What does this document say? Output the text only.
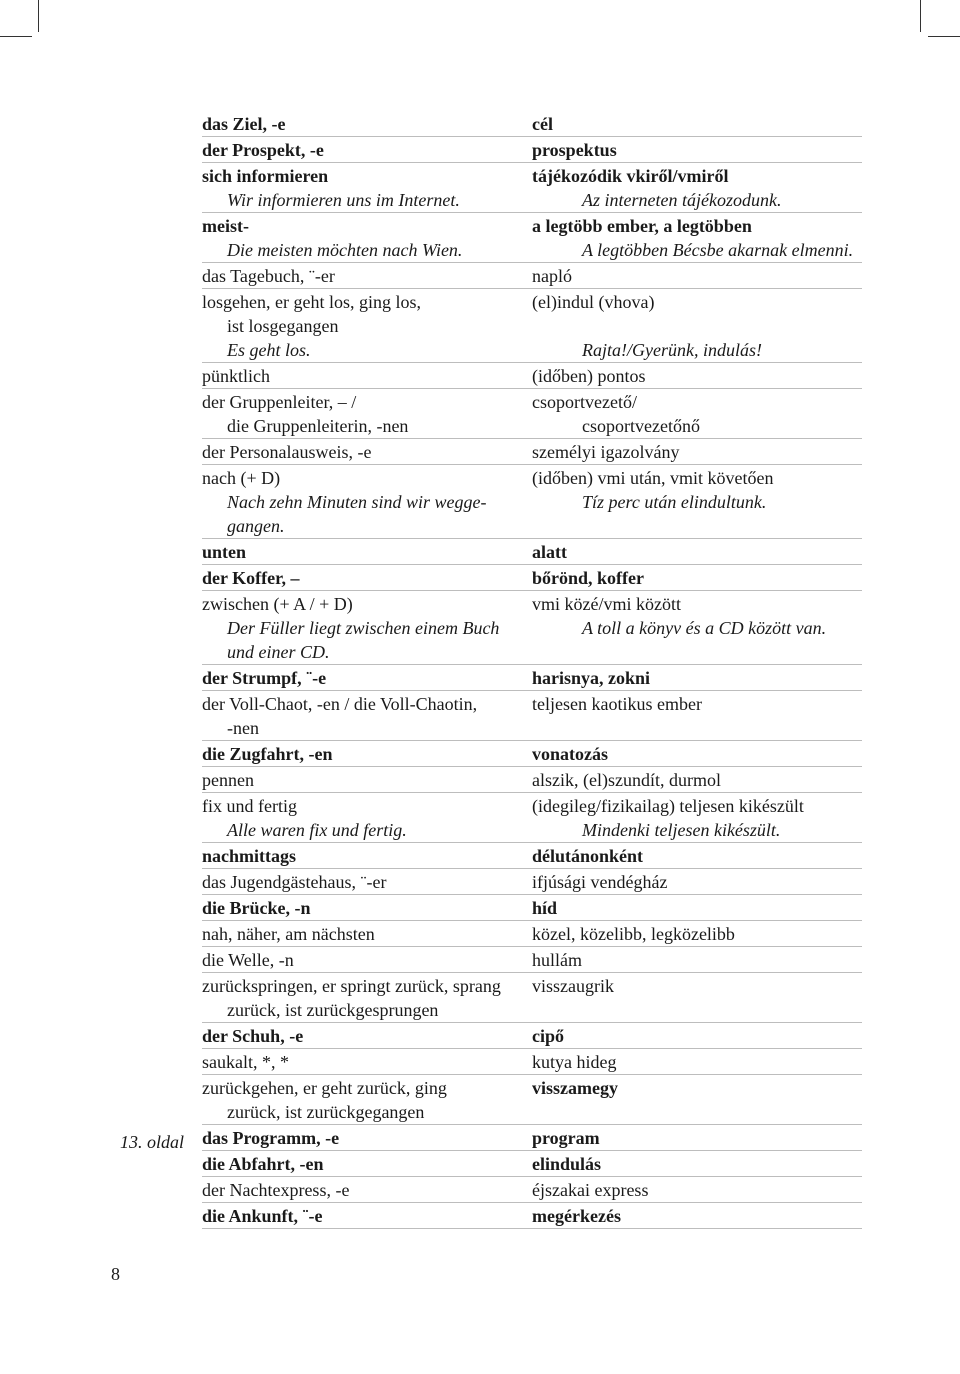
das Ziel, -e	cél
der Prospekt, -e	prospektus
sich informieren	tájékozódik vkiről/vmiről
Wir informieren uns im Internet.	Az interneten tájékozodunk.
meist-	a legtöbb ember, a legtöbben
Die meisten möchten nach Wien.	A legtöbben Bécsbe akarnak elmenni.
das Tagebuch, ¨-er	napló
losgehen, er geht los, ging los,	(el)indul (vhova)
ist losgegangen
Es geht los.	Rajta!/Gyerünk, indulás!
pünktlich	(időben) pontos
der Gruppenleiter, – /	csoportvezető/
die Gruppenleiterin, -nen	csoportvezetőnő
der Personalausweis, -e	személyi igazolvány
nach (+ D)	(időben) vmi után, vmit követően
Nach zehn Minuten sind wir wegge-	Tíz perc után elindultunk.
gangen.
unten	alatt
der Koffer, –	bőrönd, koffer
zwischen (+ A / + D)	vmi közé/vmi között
Der Füller liegt zwischen einem Buch	A toll a könyv és a CD között van.
und einer CD.
der Strumpf, ¨-e	harisnya, zokni
der Voll-Chaot, -en / die Voll-Chaotin,	teljesen kaotikus ember
-nen
die Zugfahrt, -en	vonatozás
pennen	alszik, (el)szundít, durmol
fix und fertig	(idegileg/fizikailag) teljesen kikészült
Alle waren fix und fertig.	Mindenki teljesen kikészült.
nachmittags	délutánonként
das Jugendgästehaus, ¨-er	ifjúsági vendégház
die Brücke, -n	híd
nah, näher, am nächsten	közel, közelibb, legközelibb
die Welle, -n	hullám
zurückspringen, er springt zurück, sprang	visszaugrik
zurück, ist zurückgesprungen
der Schuh, -e	cipő
saukalt, *, *	kutya hideg
zurückgehen, er geht zurück, ging	visszamegy
zurück, ist zurückgegangen
das Programm, -e	program
die Abfahrt, -en	elindulás
der Nachtexpress, -e	éjszakai express
die Ankunft, ¨-e	megérkezés
13. oldal
8
